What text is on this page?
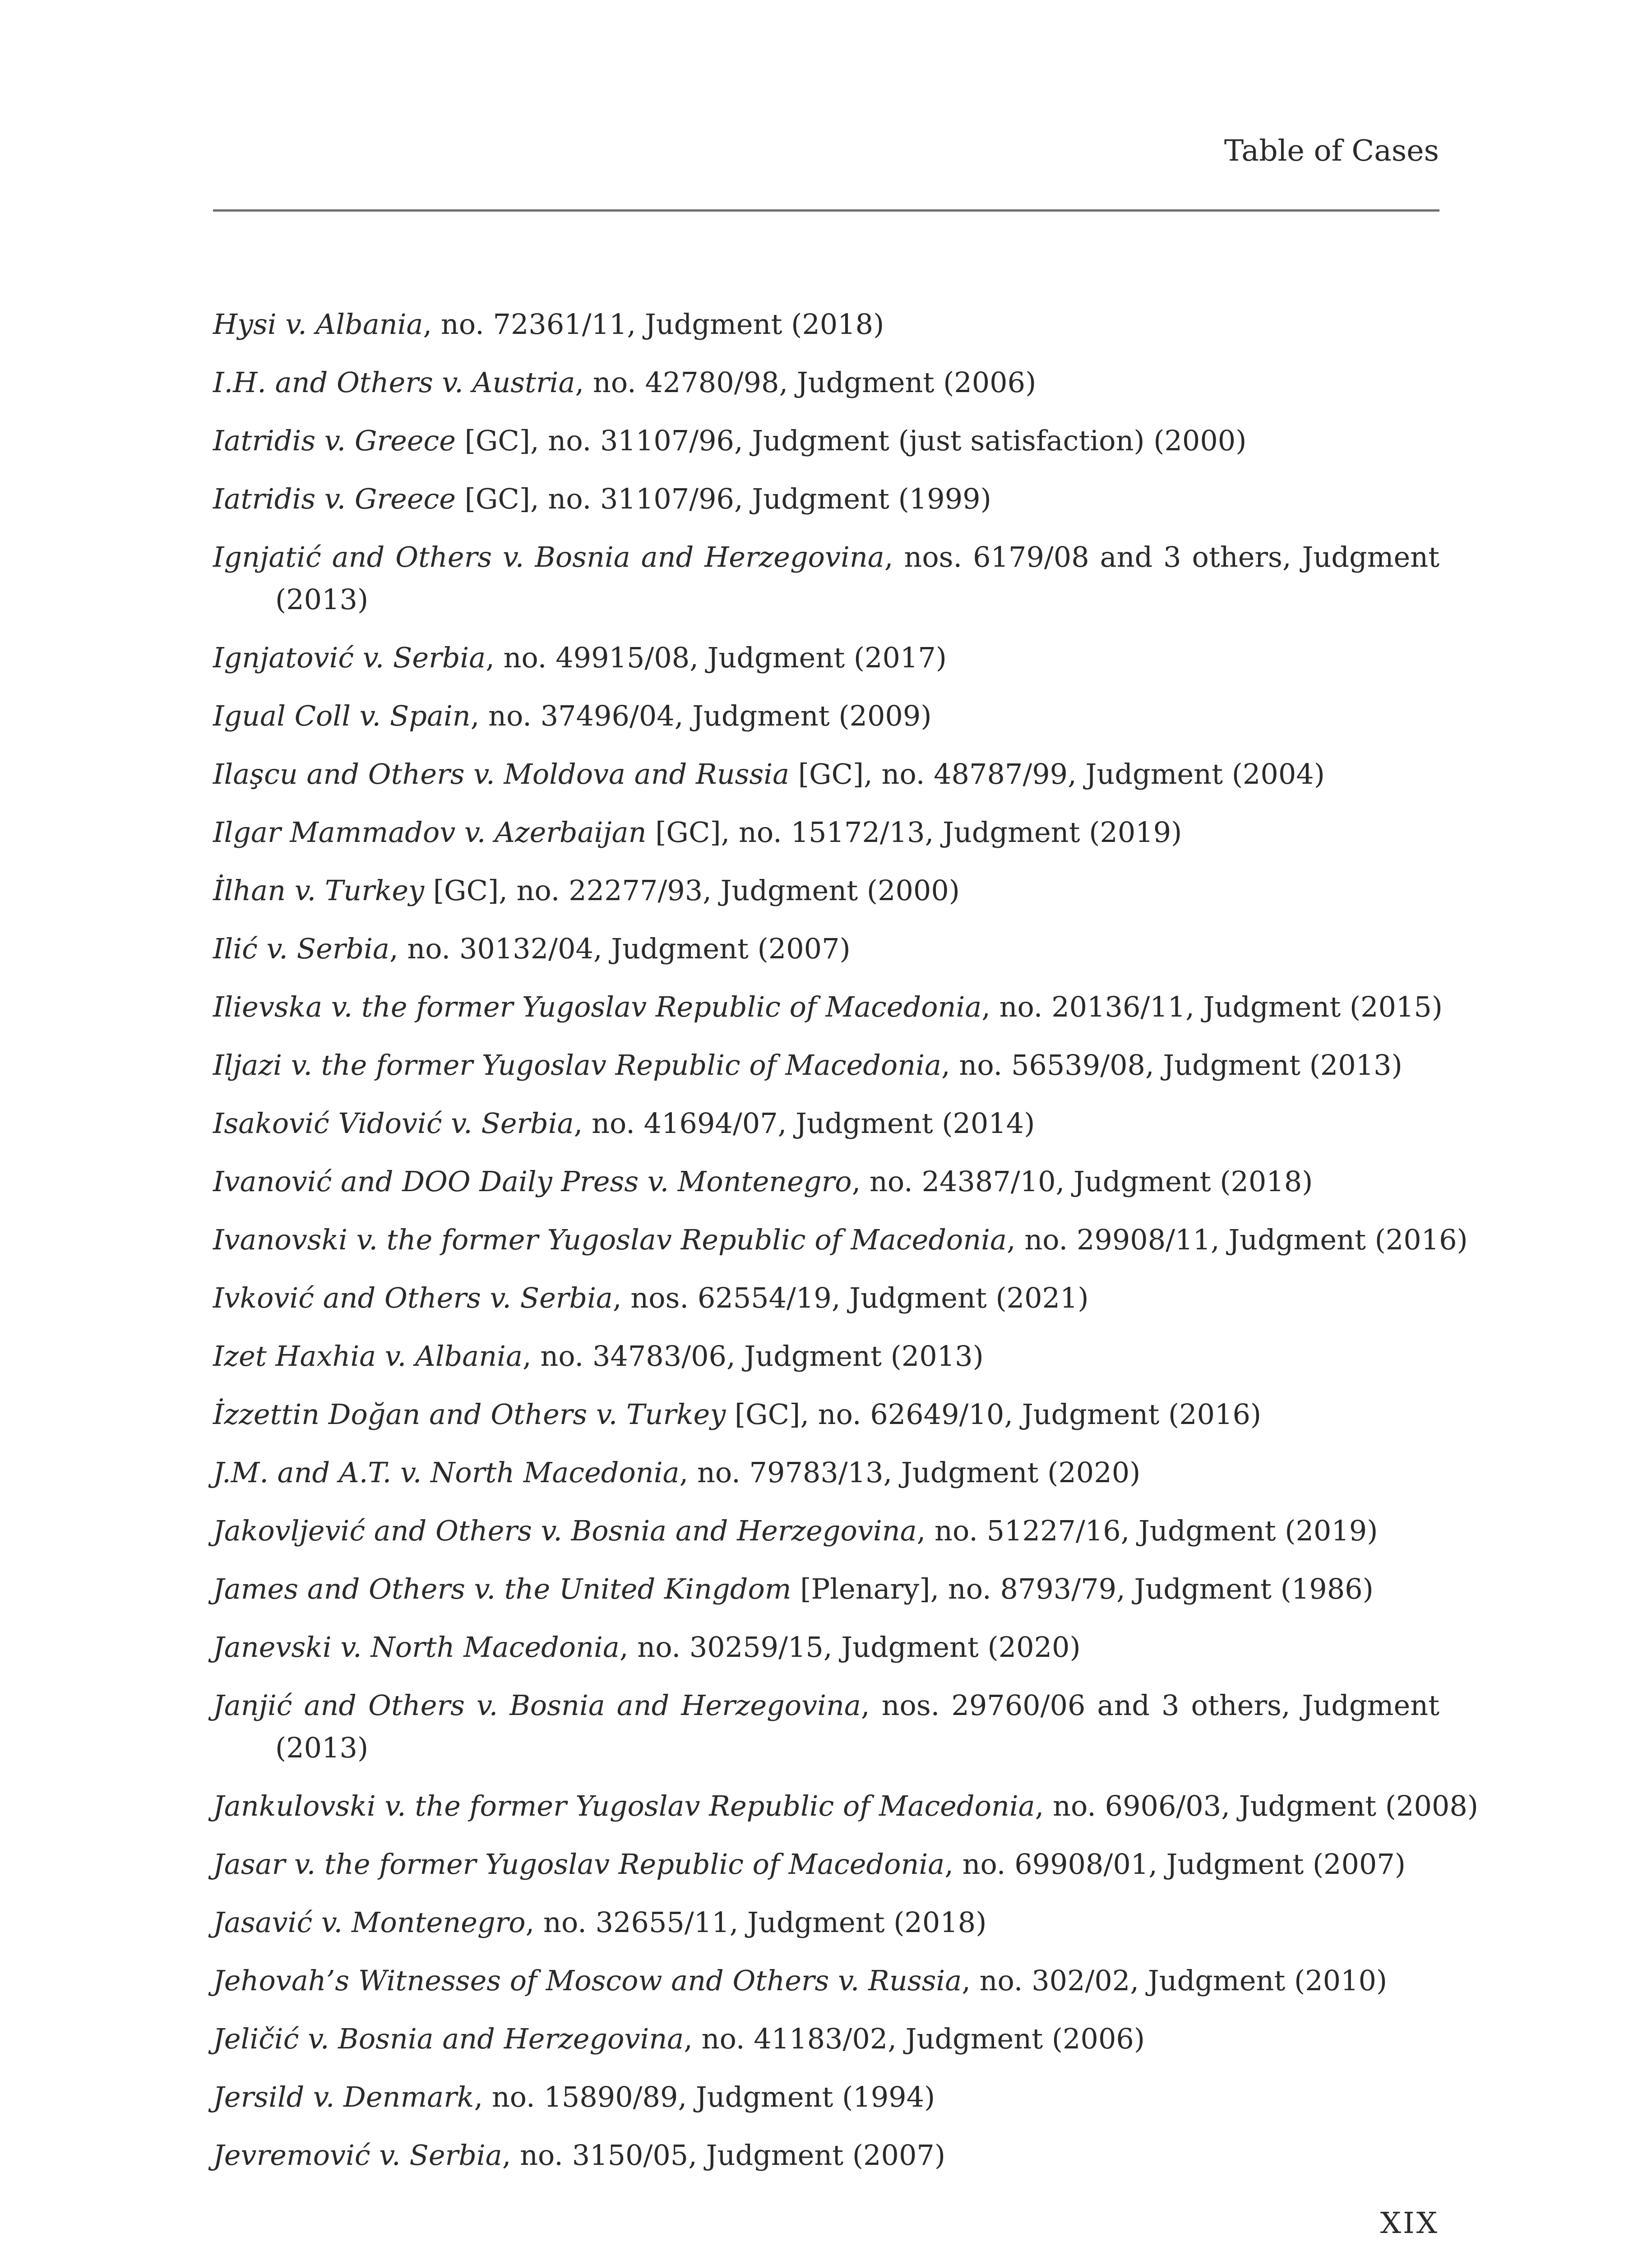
Table of Cases
Hysi v. Albania, no. 72361/11, Judgment (2018)
I.H. and Others v. Austria, no. 42780/98, Judgment (2006)
Iatridis v. Greece [GC], no. 31107/96, Judgment (just satisfaction) (2000)
Iatridis v. Greece [GC], no. 31107/96, Judgment (1999)
Ignjatić and Others v. Bosnia and Herzegovina, nos. 6179/08 and 3 others, Judgment (2013)
Ignjatović v. Serbia, no. 49915/08, Judgment (2017)
Igual Coll v. Spain, no. 37496/04, Judgment (2009)
Ilaşcu and Others v. Moldova and Russia [GC], no. 48787/99, Judgment (2004)
Ilgar Mammadov v. Azerbaijan [GC], no. 15172/13, Judgment (2019)
İlhan v. Turkey [GC], no. 22277/93, Judgment (2000)
Ilić v. Serbia, no. 30132/04, Judgment (2007)
Ilievska v. the former Yugoslav Republic of Macedonia, no. 20136/11, Judgment (2015)
Iljazi v. the former Yugoslav Republic of Macedonia, no. 56539/08, Judgment (2013)
Isaković Vidović v. Serbia, no. 41694/07, Judgment (2014)
Ivanović and DOO Daily Press v. Montenegro, no. 24387/10, Judgment (2018)
Ivanovski v. the former Yugoslav Republic of Macedonia, no. 29908/11, Judgment (2016)
Ivković and Others v. Serbia, nos. 62554/19, Judgment (2021)
Izet Haxhia v. Albania, no. 34783/06, Judgment (2013)
İzzettin Doğan and Others v. Turkey [GC], no. 62649/10, Judgment (2016)
J.M. and A.T. v. North Macedonia, no. 79783/13, Judgment (2020)
Jakovljević and Others v. Bosnia and Herzegovina, no. 51227/16, Judgment (2019)
James and Others v. the United Kingdom [Plenary], no. 8793/79, Judgment (1986)
Janevski v. North Macedonia, no. 30259/15, Judgment (2020)
Janjić and Others v. Bosnia and Herzegovina, nos. 29760/06 and 3 others, Judgment (2013)
Jankulovski v. the former Yugoslav Republic of Macedonia, no. 6906/03, Judgment (2008)
Jasar v. the former Yugoslav Republic of Macedonia, no. 69908/01, Judgment (2007)
Jasavić v. Montenegro, no. 32655/11, Judgment (2018)
Jehovah’s Witnesses of Moscow and Others v. Russia, no. 302/02, Judgment (2010)
Jeličić v. Bosnia and Herzegovina, no. 41183/02, Judgment (2006)
Jersild v. Denmark, no. 15890/89, Judgment (1994)
Jevremović v. Serbia, no. 3150/05, Judgment (2007)
XIX
